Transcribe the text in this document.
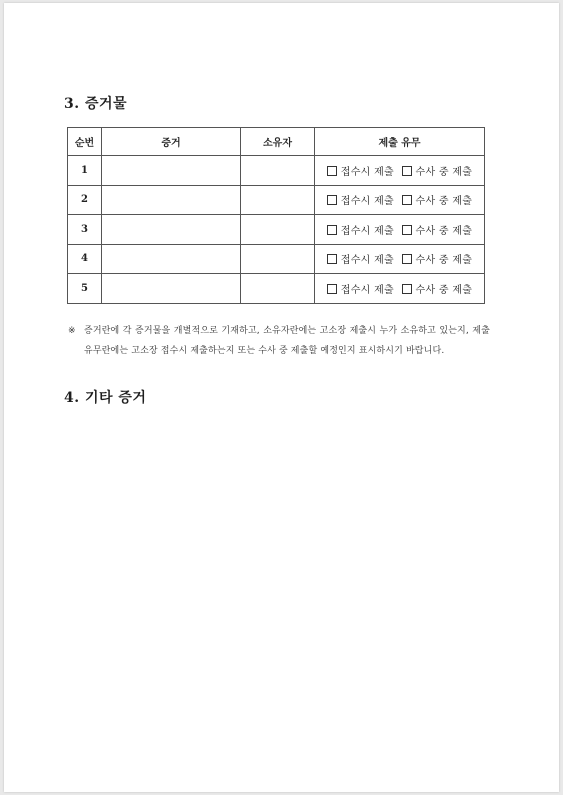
3. 증거물
순번	증거	소유자	제출 유무
1			접수시 제출 수사 중 제출
2			접수시 제출 수사 중 제출
3			접수시 제출 수사 중 제출
4			접수시 제출 수사 중 제출
5			접수시 제출 수사 중 제출
※ 증거란에 각 증거물을 개별적으로 기재하고, 소유자란에는 고소장 제출시 누가 소유하고 있는지, 제출 유무란에는 고소장 접수시 제출하는지 또는 수사 중 제출할 예정인지 표시하시기 바랍니다.
4. 기타 증거
